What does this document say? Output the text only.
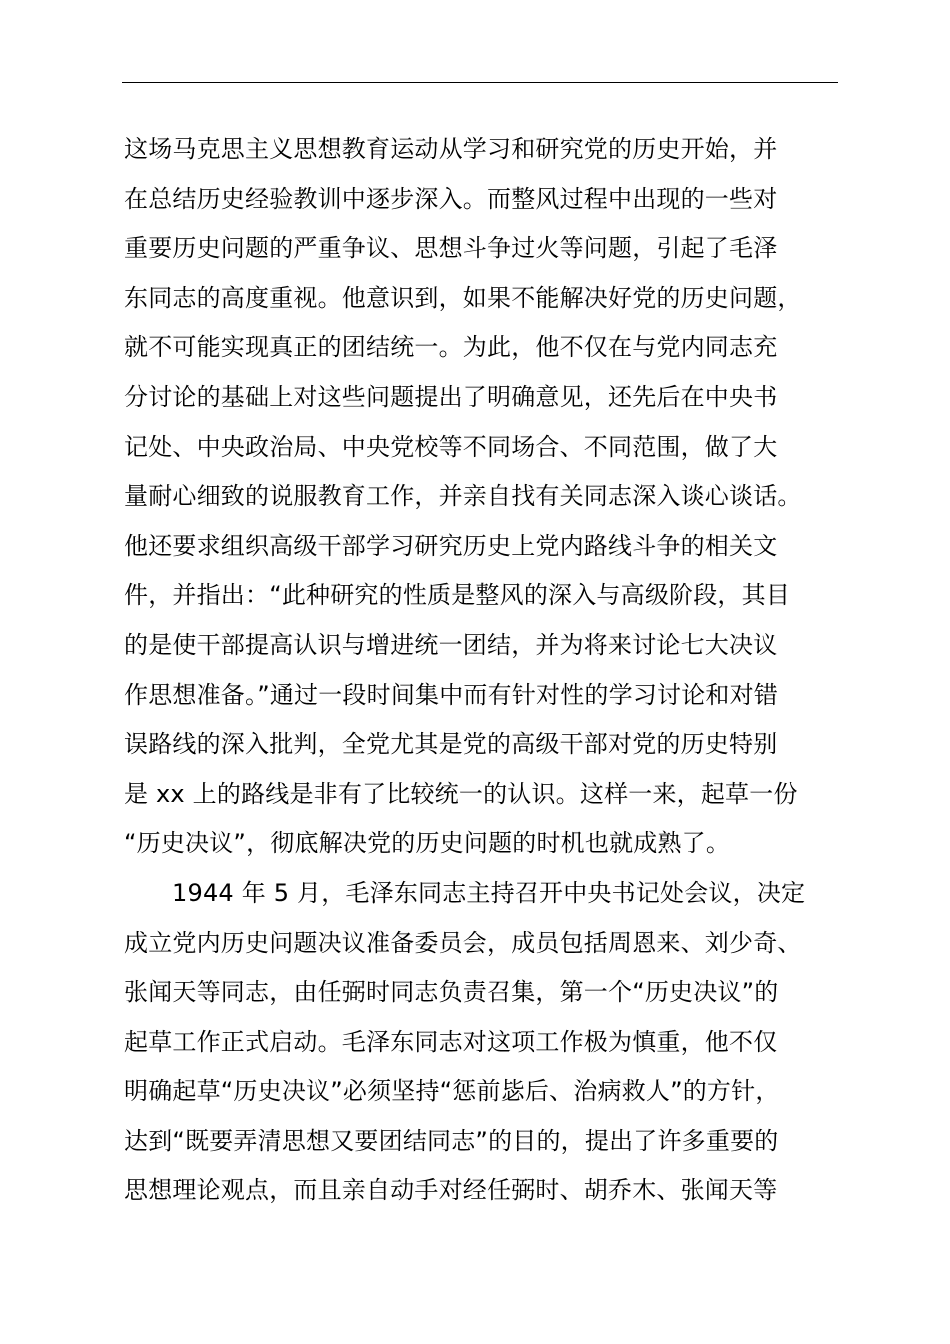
这场马克思主义思想教育运动从学习和研究党的历史开始，并
在总结历史经验教训中逐步深入。而整风过程中出现的一些对
重要历史问题的严重争议、思想斗争过火等问题，引起了毛泽
东同志的高度重视。他意识到，如果不能解决好党的历史问题，
就不可能实现真正的团结统一。为此，他不仅在与党内同志充
分讨论的基础上对这些问题提出了明确意见，还先后在中央书
记处、中央政治局、中央党校等不同场合、不同范围，做了大
量耐心细致的说服教育工作，并亲自找有关同志深入谈心谈话。
他还要求组织高级干部学习研究历史上党内路线斗争的相关文
件，并指出：“此种研究的性质是整风的深入与高级阶段，其目
的是使干部提高认识与增进统一团结，并为将来讨论七大决议
作思想准备。”通过一段时间集中而有针对性的学习讨论和对错
误路线的深入批判，全党尤其是党的高级干部对党的历史特别
是 xx 上的路线是非有了比较统一的认识。这样一来，起草一份
“历史决议”，彻底解决党的历史问题的时机也就成熟了。
1944 年 5 月，毛泽东同志主持召开中央书记处会议，决定
成立党内历史问题决议准备委员会，成员包括周恩来、刘少奇、
张闻天等同志，由任弼时同志负责召集，第一个“历史决议”的
起草工作正式启动。毛泽东同志对这项工作极为慎重，他不仅
明确起草“历史决议”必须坚持“惩前毖后、治病救人”的方针，
达到“既要弄清思想又要团结同志”的目的，提出了许多重要的
思想理论观点，而且亲自动手对经任弼时、胡乔木、张闻天等
